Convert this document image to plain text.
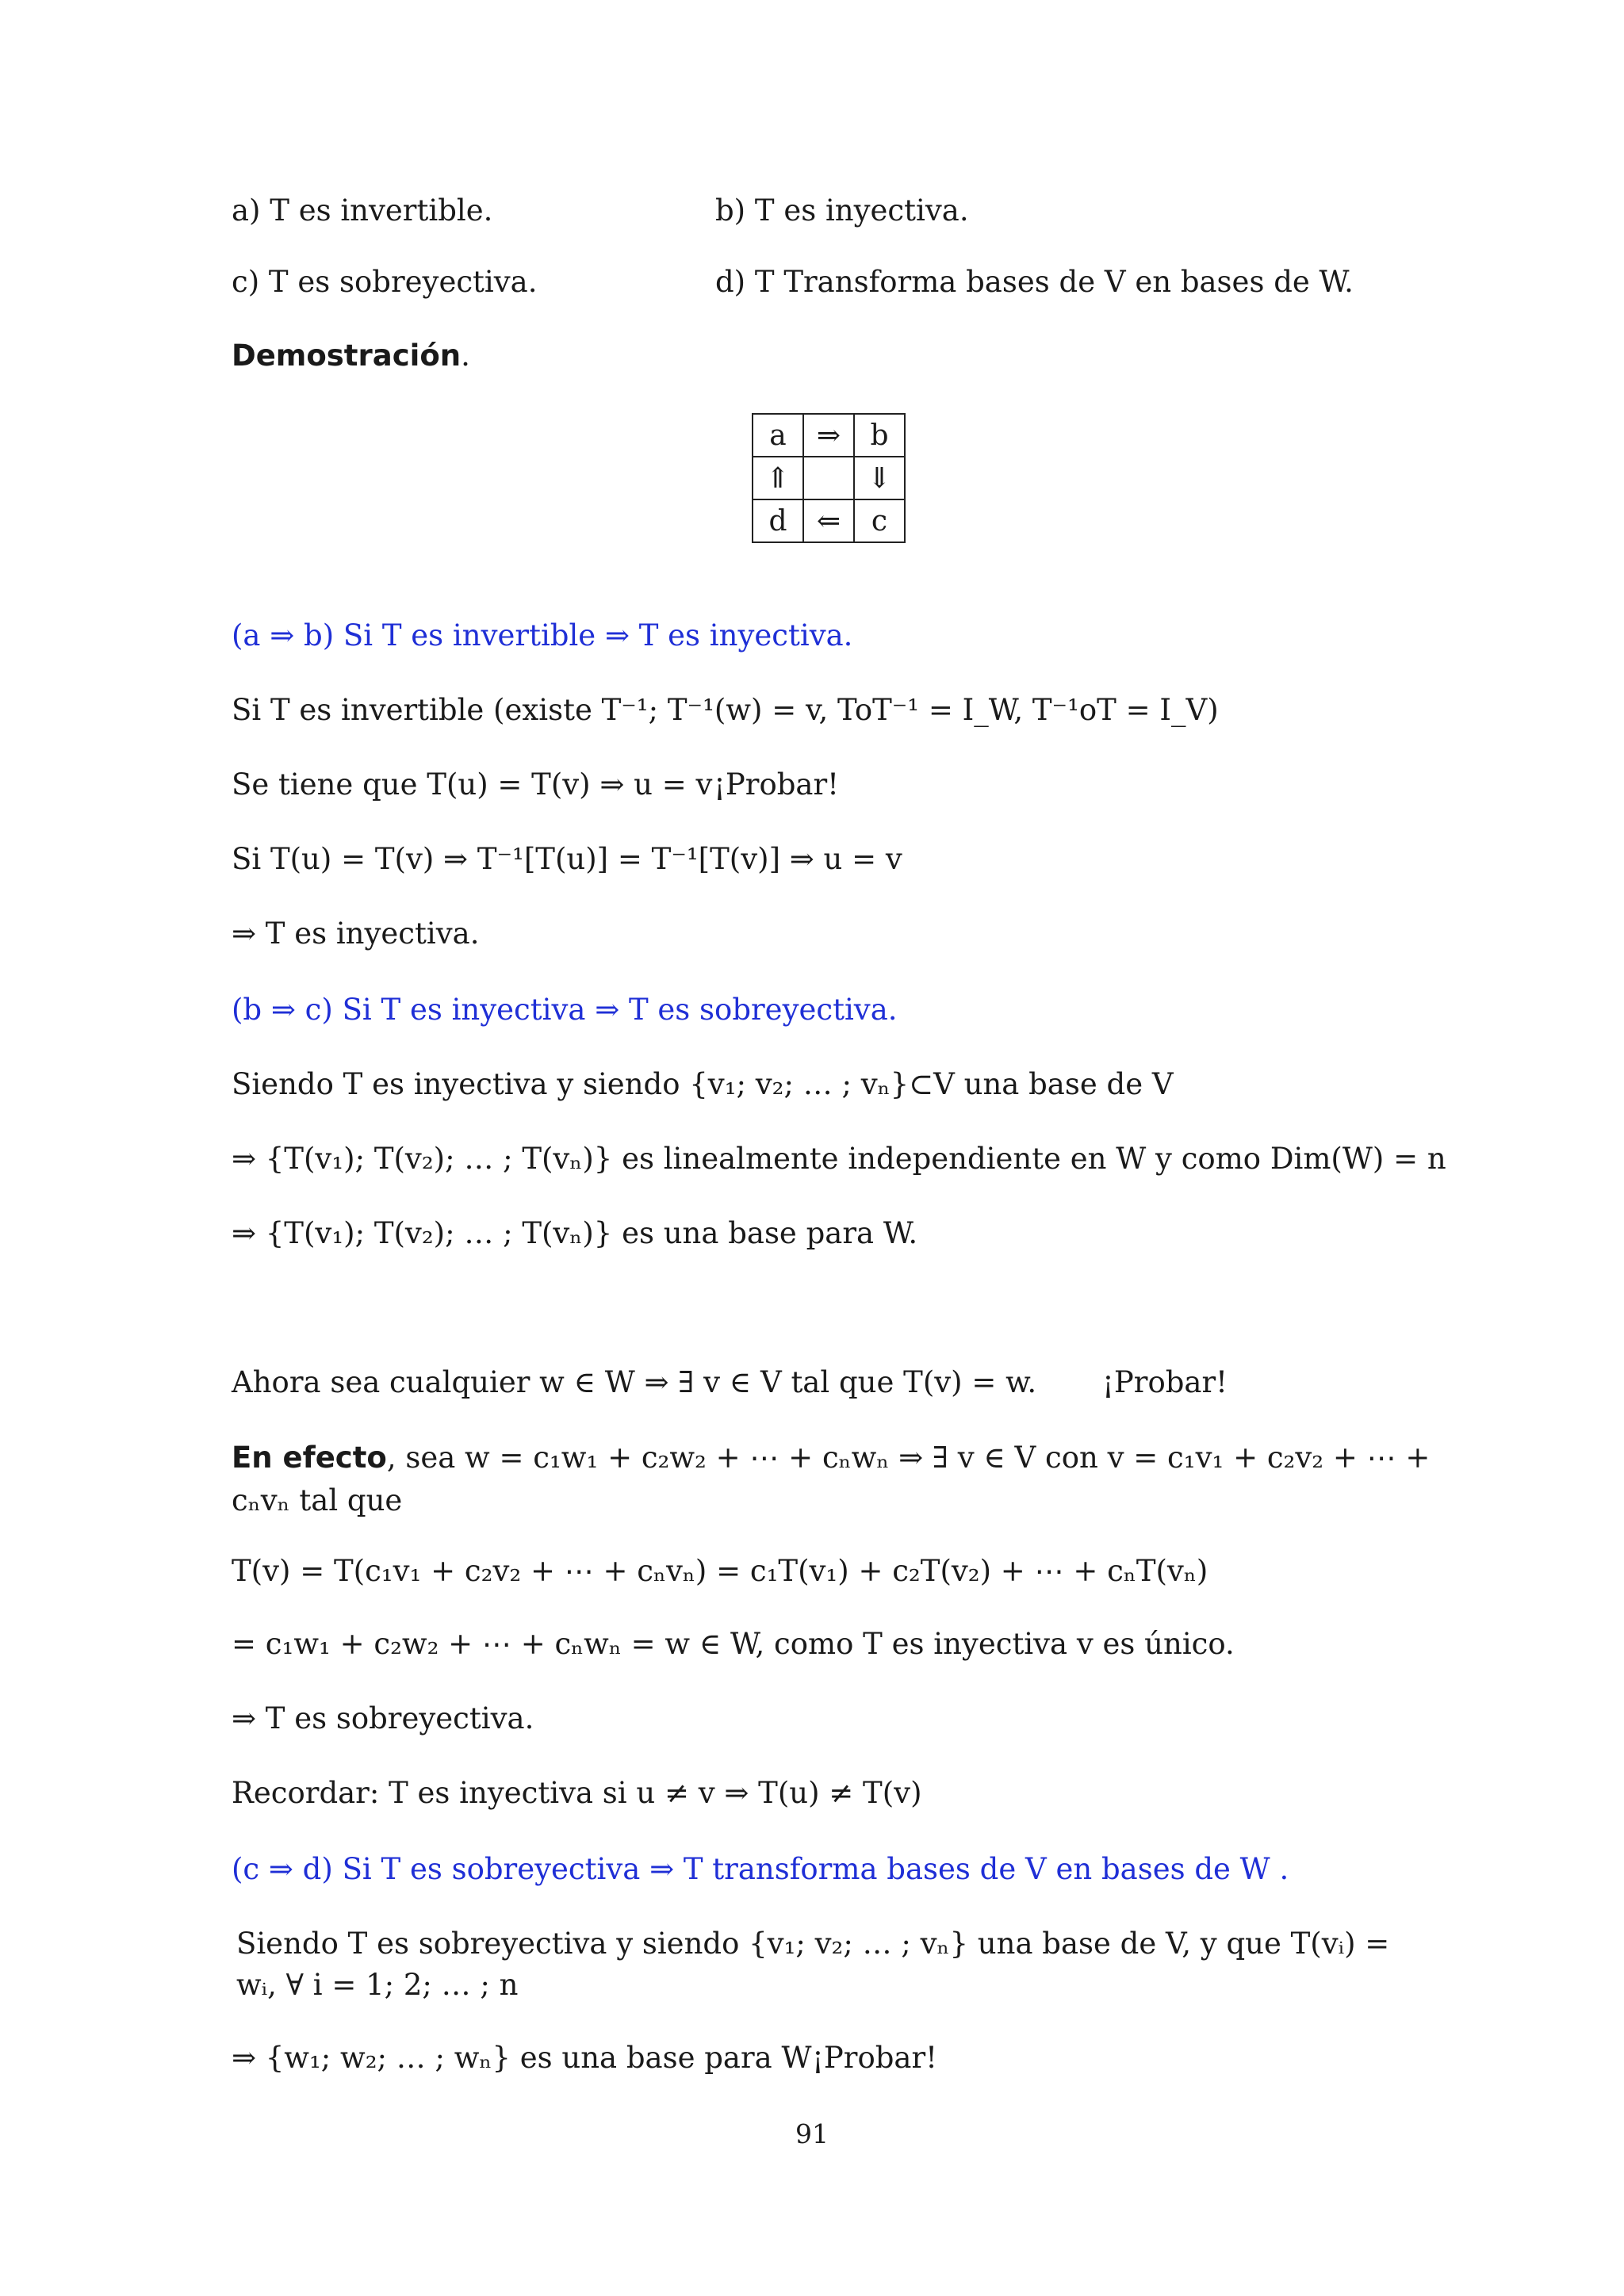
a) T es invertible.	b) T es inyectiva.
c) T es sobreyectiva.	d) T Transforma bases de V en bases de W.
Demostración.
a	⇒	b
⇑		⇓
d	⇐	c
(a ⇒ b) Si T es invertible ⇒ T es inyectiva.
Si T es invertible (existe T⁻¹; T⁻¹(w) = v, ToT⁻¹ = I_W, T⁻¹oT = I_V)
Se tiene que T(u) = T(v) ⇒ u = v ¡Probar!
Si T(u) = T(v) ⇒ T⁻¹[T(u)] = T⁻¹[T(v)] ⇒ u = v
⇒ T es inyectiva.
(b ⇒ c) Si T es inyectiva ⇒ T es sobreyectiva.
Siendo T es inyectiva y siendo {v₁; v₂; … ; vₙ}⊂V una base de V
⇒ {T(v₁); T(v₂); … ; T(vₙ)} es linealmente independiente en W y como Dim(W) = n
⇒ {T(v₁); T(v₂); … ; T(vₙ)} es una base para W.
Ahora sea cualquier w ∈ W ⇒ ∃ v ∈ V tal que T(v) = w.	¡Probar!
En efecto, sea w = c₁w₁ + c₂w₂ + ⋯ + cₙwₙ ⇒ ∃ v ∈ V con v = c₁v₁ + c₂v₂ + ⋯ + cₙvₙ tal que
T(v) = T(c₁v₁ + c₂v₂ + ⋯ + cₙvₙ) = c₁T(v₁) + c₂T(v₂) + ⋯ + cₙT(vₙ)
= c₁w₁ + c₂w₂ + ⋯ + cₙwₙ = w ∈ W, como T es inyectiva v es único.
⇒ T es sobreyectiva.
Recordar: T es inyectiva si u ≠ v ⇒ T(u) ≠ T(v)
(c ⇒ d) Si T es sobreyectiva ⇒ T transforma bases de V en bases de W .
Siendo T es sobreyectiva y siendo {v₁; v₂; … ; vₙ} una base de V, y que T(vᵢ) = wᵢ, ∀ i = 1; 2; … ; n
⇒ {w₁; w₂; … ; wₙ} es una base para W ¡Probar!
91
